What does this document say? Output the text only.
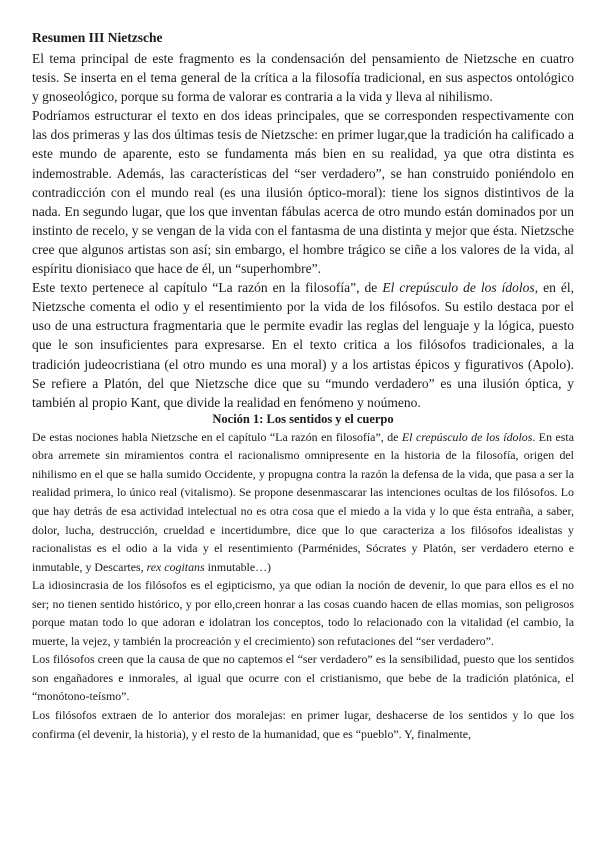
Resumen III Nietzsche

El tema principal de este fragmento es la condensación del pensamiento de Nietzsche en cuatro tesis. Se inserta en el tema general de la crítica a la filosofía tradicional, en sus aspectos ontológico y gnoseológico, porque su forma de valorar es contraria a la vida y lleva al nihilismo.

Podríamos estructurar el texto en dos ideas principales, que se corresponden respectivamente con las dos primeras y las dos últimas tesis de Nietzsche: en primer lugar,que la tradición ha calificado a este mundo de aparente, esto se fundamenta más bien en su realidad, ya que otra distinta es indemostrable. Además, las características del “ser verdadero”, se han construido poniéndolo en contradicción con el mundo real (es una ilusión óptico-moral): tiene los signos distintivos de la nada. En segundo lugar, que los que inventan fábulas acerca de otro mundo están dominados por un instinto de recelo, y se vengan de la vida con el fantasma de una distinta y mejor que ésta. Nietzsche cree que algunos artistas son así; sin embargo, el hombre trágico se ciñe a los valores de la vida, al espíritu dionisiaco que hace de él, un “superhombre”.

Este texto pertenece al capítulo “La razón en la filosofía”, de El crepúsculo de los ídolos, en él, Nietzsche comenta el odio y el resentimiento por la vida de los filósofos. Su estilo destaca por el uso de una estructura fragmentaria que le permite evadir las reglas del lenguaje y la lógica, puesto que le son insuficientes para expresarse. En el texto critica a los filósofos tradicionales, a la tradición judeocristiana (el otro mundo es una moral) y a los artistas épicos y figurativos (Apolo). Se refiere a Platón, del que Nietzsche dice que su “mundo verdadero” es una ilusión óptica, y también al propio Kant, que divide la realidad en fenómeno y noúmeno.

Noción 1: Los sentidos y el cuerpo

De estas nociones habla Nietzsche en el capítulo “La razón en filosofía”, de El crepúsculo de los ídolos. En esta obra arremete sin miramientos contra el racionalismo omnipresente en la historia de la filosofía, origen del nihilismo en el que se halla sumido Occidente, y propugna contra la razón la defensa de la vida, que pasa a ser la realidad primera, lo único real (vitalismo). Se propone desenmascarar las intenciones ocultas de los filósofos. Lo que hay detrás de esa actividad intelectual no es otra cosa que el miedo a la vida y lo que ésta entraña, a saber, dolor, lucha, destrucción, crueldad e incertidumbre, dice que lo que caracteriza a los filósofos idealistas y racionalistas es el odio a la vida y el resentimiento (Parménides, Sócrates y Platón, ser verdadero eterno e inmutable, y Descartes, rex cogitans inmutable…)

La idiosincrasia de los filósofos es el egipticismo, ya que odian la noción de devenir, lo que para ellos es el no ser; no tienen sentido histórico, y por ello,creen honrar a las cosas cuando hacen de ellas momias, son peligrosos porque matan todo lo que adoran e idolatran los conceptos, todo lo relacionado con la vitalidad (el cambio, la muerte, la vejez, y también la procreación y el crecimiento) son refutaciones del “ser verdadero”.

Los filósofos creen que la causa de que no captemos el “ser verdadero” es la sensibilidad, puesto que los sentidos son engañadores e inmorales, al igual que ocurre con el cristianismo, que bebe de la tradición platónica, el “monótono-teísmo”.

Los filósofos extraen de lo anterior dos moralejas: en primer lugar, deshacerse de los sentidos y lo que los confirma (el devenir, la historia), y el resto de la humanidad, que es “pueblo”. Y, finalmente,
